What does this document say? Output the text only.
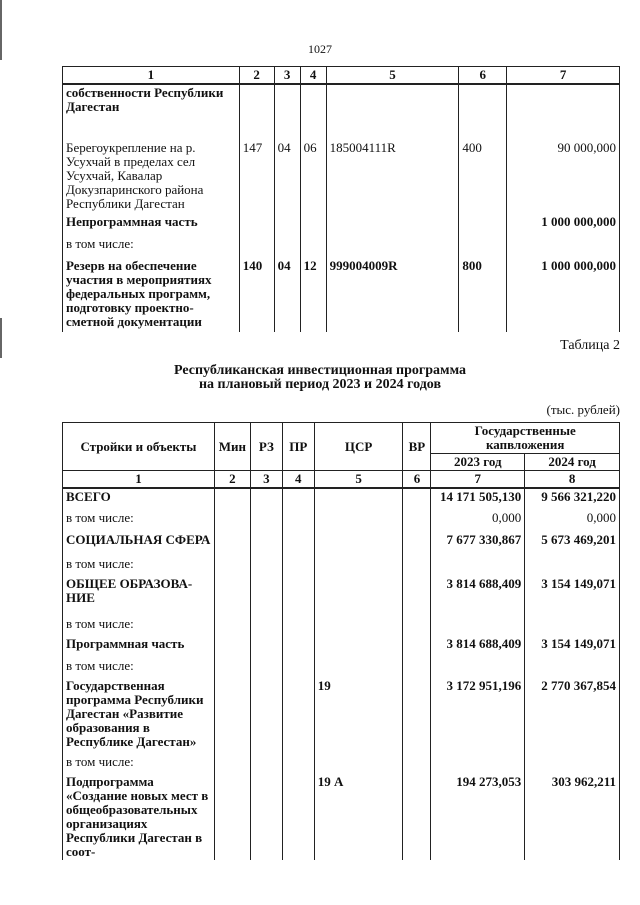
1027
1	2	3	4	5	6	7
собственности Республики Дагестан						
Берегоукрепление на р. Усухчай в пределах сел Усухчай, Кавалар Докузпаринского района Республики Дагестан	147	04	06	185004111R	400	90 000,000
Непрограммная часть						1 000 000,000
в том числе:						
Резерв на обеспечение участия в мероприятиях федеральных программ, подготовку проектно-сметной документации	140	04	12	999004009R	800	1 000 000,000
Таблица 2
Республиканская инвестиционная программа
на плановый период 2023 и 2024 годов
(тыс. рублей)
Стройки и объекты	Мин	РЗ	ПР	ЦСР	ВР	Государственные капвложения	
						2023 год	2024 год
1	2	3	4	5	6	7	8
ВСЕГО						14 171 505,130	9 566 321,220
в том числе:						0,000	0,000
СОЦИАЛЬНАЯ СФЕРА						7 677 330,867	5 673 469,201
в том числе:							
ОБЩЕЕ ОБРАЗОВА-НИЕ						3 814 688,409	3 154 149,071
в том числе:							
Программная часть						3 814 688,409	3 154 149,071
в том числе:							
Государственная программа Республики Дагестан «Развитие образования в Республике Дагестан»				19		3 172 951,196	2 770 367,854
в том числе:							
Подпрограмма «Создание новых мест в общеобразовательных организациях Республики Дагестан в соот-				19 А		194 273,053	303 962,211
